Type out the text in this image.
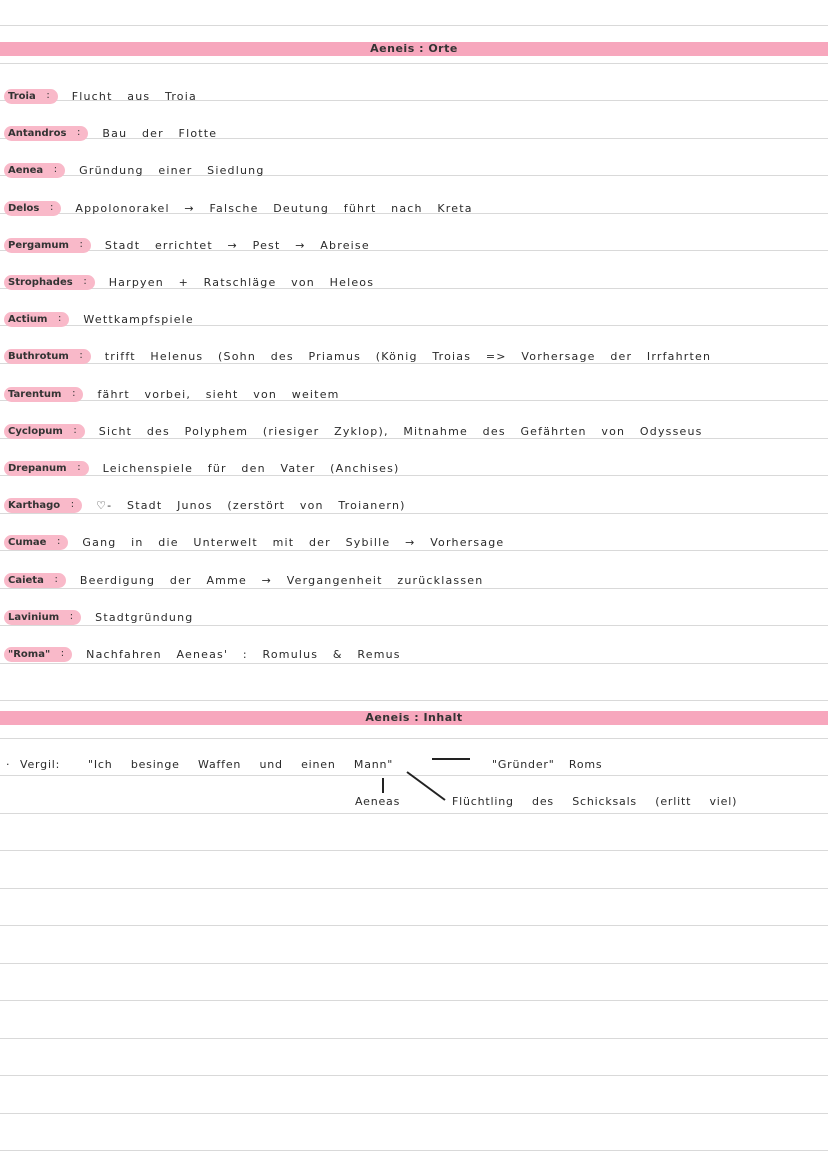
Aeneis : Orte
Troia : Flucht aus Troia
Antandros : Bau der Flotte
Aenea : Gründung einer Siedlung
Delos : Appolonorakel → Falsche Deutung führt nach Kreta
Pergamum : Stadt errichtet → Pest → Abreise
Strophades : Harpyen + Ratschläge von Heleos
Actium : Wettkampfspiele
Buthrotum : trifft Helenus (Sohn des Priamus (König Troias => Vorhersage der Irrfahrten
Tarentum : fährt vorbei, sieht von weitem
Cyclopum : Sicht des Polyphem (riesiger Zyklop), Mitnahme des Gefährten von Odysseus
Drepanum : Leichenspiele für den Vater (Anchises)
Karthago : ♡- Stadt Junos (zerstört von Troianern)
Cumae : Gang in die Unterwelt mit der Sybille → Vorhersage
Caieta : Beerdigung der Amme → Vergangenheit zurücklassen
Lavinium : Stadtgründung
"Roma" : Nachfahren Aeneas' : Romulus & Remus
Aeneis : Inhalt
· Vergil:	"Ich besinge Waffen und einen Mann"	"Gründer" Roms
Aeneas	Flüchtling des Schicksals (erlitt viel)
